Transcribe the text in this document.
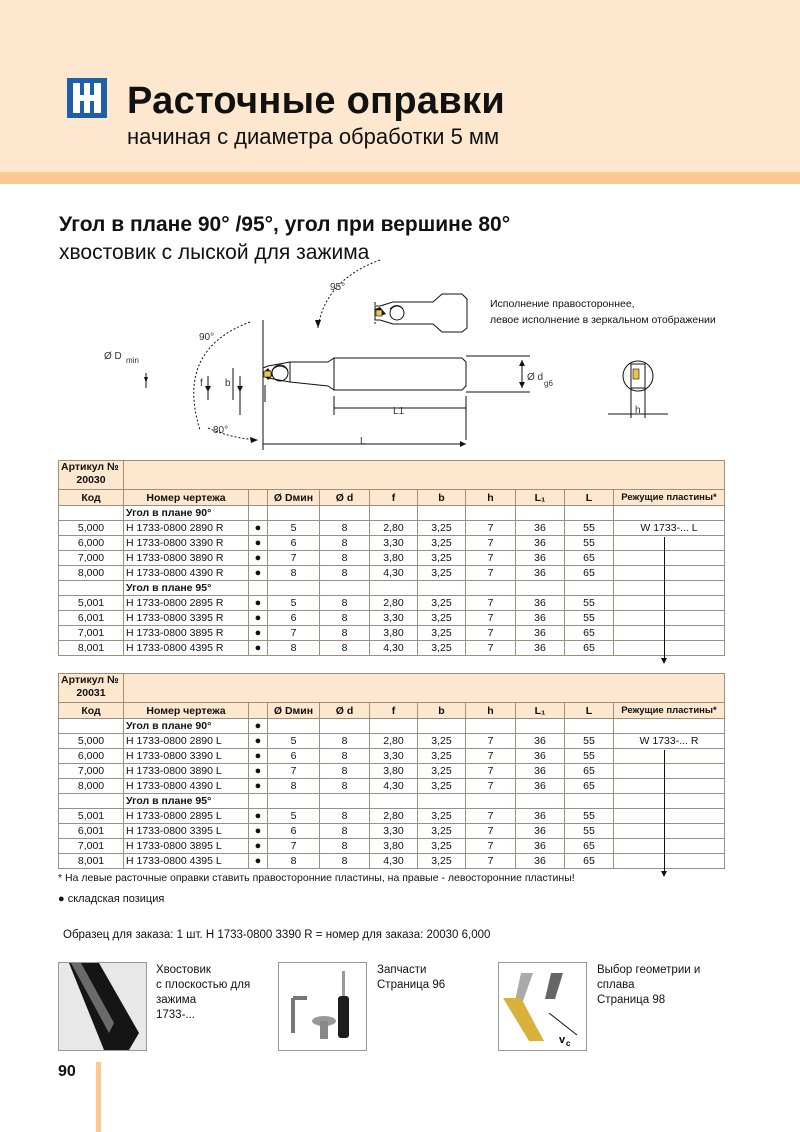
Расточные оправки
начиная с диаметра обработки 5 мм
Угол в плане 90° /95°, угол при вершине 80°
хвостовик с лыской для зажима
95°
90°
80°
Ø D min
f b
Ø d
g6
L1
L
h
Исполнение правостороннее,
левое исполнение в зеркальном отображении
Артикул №
20030										

Код	Номер чертежа		Ø Dмин	Ø d	f	b	h	L₁	L	Режущие пластины*
	Угол в плане 90°									
5,000	H 1733-0800 2890 R	●	5	8	2,80	3,25	7	36	55	W 1733-... L
6,000	H 1733-0800 3390 R	●	6	8	3,30	3,25	7	36	55	
7,000	H 1733-0800 3890 R	●	7	8	3,80	3,25	7	36	65	
8,000	H 1733-0800 4390 R	●	8	8	4,30	3,25	7	36	65	
	Угол в плане 95°									
5,001	H 1733-0800 2895 R	●	5	8	2,80	3,25	7	36	55	
6,001	H 1733-0800 3395 R	●	6	8	3,30	3,25	7	36	55	
7,001	H 1733-0800 3895 R	●	7	8	3,80	3,25	7	36	65	
8,001	H 1733-0800 4395 R	●	8	8	4,30	3,25	7	36	65	
Артикул №
20031										

Код	Номер чертежа		Ø Dмин	Ø d	f	b	h	L₁	L	Режущие пластины*
	Угол в плане 90°	●								
5,000	H 1733-0800 2890 L	●	5	8	2,80	3,25	7	36	55	W 1733-... R
6,000	H 1733-0800 3390 L	●	6	8	3,30	3,25	7	36	55	
7,000	H 1733-0800 3890 L	●	7	8	3,80	3,25	7	36	65	
8,000	H 1733-0800 4390 L	●	8	8	4,30	3,25	7	36	65	
	Угол в плане 95°									
5,001	H 1733-0800 2895 L	●	5	8	2,80	3,25	7	36	55	
6,001	H 1733-0800 3395 L	●	6	8	3,30	3,25	7	36	55	
7,001	H 1733-0800 3895 L	●	7	8	3,80	3,25	7	36	65	
8,001	H 1733-0800 4395 L	●	8	8	4,30	3,25	7	36	65	
* На левые расточные оправки ставить правосторонние пластины, на правые - левосторонние пластины!
● складская позиция
Образец для заказа: 1 шт. H 1733-0800 3390 R = номер для заказа: 20030 6,000
Хвостовик
с плоскостью для
зажима
1733-...
Запчасти
Страница 96
v c
Выбор геометрии и
сплава
Страница 98
90
